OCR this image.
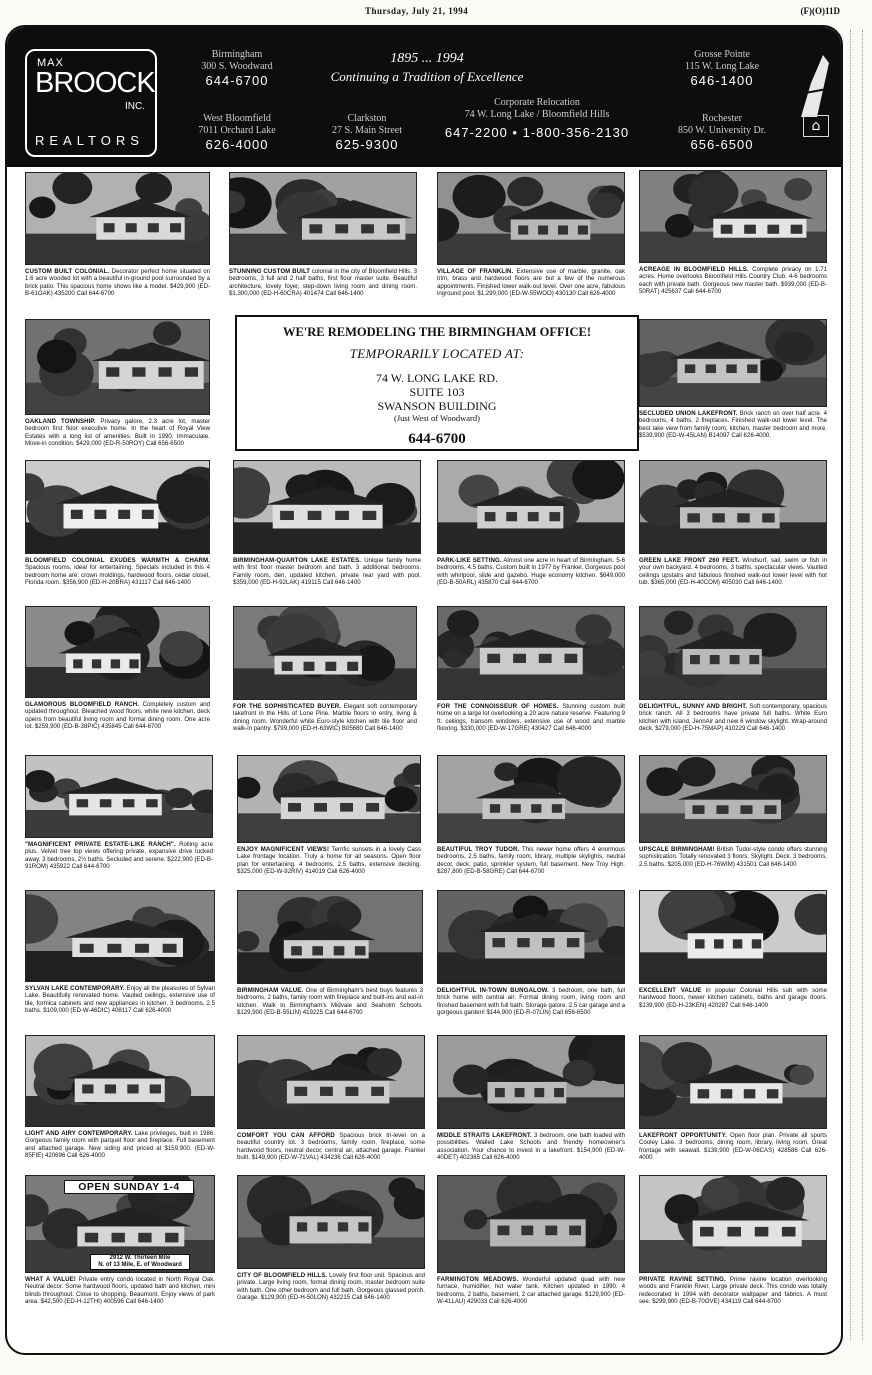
Thursday, July 21, 1994	(F)(O)11D
MAX
BROOCK
INC.
REALTORS
Birmingham
300 S. Woodward
644-6700
West Bloomfield
7011 Orchard Lake
626-4000
Clarkston
27 S. Main Street
625-9300
Corporate Relocation
74 W. Long Lake / Bloomfield Hills
647-2200 • 1-800-356-2130
Grosse Pointe
115 W. Long Lake
646-1400
Rochester
850 W. University Dr.
656-6500
1895 ... 1994
Continuing a Tradition of Excellence
⌂
WE'RE REMODELING THE BIRMINGHAM OFFICE!
TEMPORARILY LOCATED AT:
74 W. LONG LAKE RD.
SUITE 103
SWANSON BUILDING
(Just West of Woodward)
644-6700
CUSTOM BUILT COLONIAL. Decorator perfect home situated on 1.6 acre wooded lot with a beautiful in-ground pool surrounded by a brick patio. This spacious home shows like a model. $429,900 (ED-B-61OAK) 435200 Call 644-6700
STUNNING CUSTOM BUILT colonial in the city of Bloomfield Hills. 3 bedrooms, 3 full and 2 half baths, first floor master suite. Beautiful architecture, lovely foyer, step-down living room and dining room. $1,300,000 (ED-H-60CRA) 401474 Call 646-1400
VILLAGE OF FRANKLIN. Extensive use of marble, granite, oak trim, brass and hardwood floors are but a few of the numerous appointments. Finished lower walk-out level. Over one acre, fabulous inground pool. $1,290,000 (ED-W-55WOO) 430130 Call 626-4000
ACREAGE IN BLOOMFIELD HILLS. Complete privacy on 1.71 acres. Home overlooks Bloomfield Hills Country Club. 4-6 bedrooms each with private bath. Gorgeous new master bath. $939,000 (ED-B-50RAT) 425637 Call 644-6700
OAKLAND TOWNSHIP. Privacy galore, 2.3 acre lot, master bedroom first floor executive home. In the heart of Royal View Estates with a long list of amenities. Built in 1990. Immaculate. Move-in condition. $429,000 (ED-R-50ROY) Call 656-6500
SECLUDED UNION LAKEFRONT. Brick ranch on over half acre. 4 bedrooms, 4 baths, 2 fireplaces. Finished walk-out lower level. The best lake view from family room, kitchen, master bedroom and more. $539,900 (ED-W-45LAN) B14097 Call 626-4000.
BLOOMFIELD COLONIAL EXUDES WARMTH & CHARM. Spacious rooms, ideal for entertaining. Specials included in this 4 bedroom home are: crown moldings, hardwood floors, cedar closet, Florida room. $356,900 (ED-H-20BRA) 431117 Call 646-1400
BIRMINGHAM-QUARTON LAKE ESTATES. Unique family home with first floor master bedroom and bath. 3 additional bedrooms. Family room, den, updated kitchen, private rear yard with pool. $359,000 (ED-H-92LAK) 419115 Call 646-1400
PARK-LIKE SETTING. Almost one acre in heart of Birmingham. 5-6 bedrooms, 4.5 baths. Custom built in 1977 by Frankel. Gorgeous pool with whirlpool, slide and gazebo. Huge economy kitchen. $649,000 (ED-B-50ARL) 435870 Call 644-6700
GREEN LAKE FRONT 260 FEET. Windsurf, sail, swim or fish in your own backyard. 4 bedrooms, 3 baths, spectacular views. Vaulted ceilings upstairs and fabulous finished walk-out lower level with hot tub. $365,000 (ED-H-40COM) 405030 Call 646-1400.
GLAMOROUS BLOOMFIELD RANCH. Completely custom and updated throughout. Bleached wood floors, white new kitchen, deck opens from beautiful living room and formal dining room. One acre lot. $259,900 (ED-B-38PIC) 435845 Call 644-6700
FOR THE SOPHISTICATED BUYER. Elegant soft contemporary lakefront in the Hills of Lone Pine. Marble floors in entry, living & dining room. Wonderful white Euro-style kitchen with tile floor and walk-in pantry. $799,000 (ED-H-63WIC) B05680 Call 646-1400
FOR THE CONNOISSEUR OF HOMES. Stunning custom built home on a large lot overlooking a 20 acre nature reserve. Featuring 9 ft. ceilings, transom windows, extensive use of wood and marble flooring. $330,000 (ED-W-17GRE) 430427 Call 646-4000
DELIGHTFUL, SUNNY AND BRIGHT. Soft contemporary, spacious brick ranch. All 3 bedrooms have private full baths. White Euro kitchen with island, JennAir and new 6 window skylight. Wrap-around deck. $279,000 (ED-H-75MAP) 410229 Call 646-1400
"MAGNIFICENT PRIVATE ESTATE-LIKE RANCH". Rolling acre plus. Velvet tree top views offering private, expansive drive tucked away. 3 bedrooms, 2½ baths. Secluded and serene. $222,900 (ED-B-91ROM) 435922 Call 644-6700
ENJOY MAGNIFICENT VIEWS! Terrific sunsets in a lovely Cass Lake frontage location. Truly a home for all seasons. Open floor plan for entertaining. 4 bedrooms, 2.5 baths, extensive decking. $325,000 (ED-W-92RIV) 414019 Call 626-4000
BEAUTIFUL TROY TUDOR. This newer home offers 4 enormous bedrooms, 2.5 baths, family room, library, multiple skylights, neutral decor, deck, patio, sprinkler system, full basement. New Troy High. $287,800 (ED-B-58GRE) Call 644-6700
UPSCALE BIRMINGHAM! British Tudor-style condo offers stunning sophistication. Totally renovated 3 floors. Skylight. Deck. 3 bedrooms, 2.5 baths. $205,000 (ED-H-76WIM) 431501 Call 646-1400
SYLVAN LAKE CONTEMPORARY. Enjoy all the pleasures of Sylvan Lake. Beautifully renovated home. Vaulted ceilings, extensive use of tile, formica cabinets and new appliances in kitchen. 3 bedrooms, 2.5 baths. $109,000 (ED-W-46DIC) 408117 Call 626-4000
BIRMINGHAM VALUE. One of Birmingham's best buys features 3 bedrooms, 2 baths, family room with fireplace and built-ins and eat-in kitchen. Walk to Birmingham's Midvale and Seaholm Schools. $129,900 (ED-B-55LIN) 419225 Call 644-6700
DELIGHTFUL IN-TOWN BUNGALOW. 3 bedroom, one bath, full brick home with central air. Formal dining room, living room and finished basement with full bath. Storage galore. 2.5 car garage and a gorgeous garden! $144,900 (ED-R-07LIN) Call 656-6500
EXCELLENT VALUE in popular Colonial Hills sub with some hardwood floors, newer kitchen cabinets, baths and garage doors. $139,900 (ED-H-23KEN) 420287 Call 646-1400
LIGHT AND AIRY CONTEMPORARY. Lake privileges, built in 1986. Gorgeous family room with parquet floor and fireplace. Full basement and attached garage. New siding and priced at $159,900. (ED-W-85FIE) 420696 Call 626-4000
COMFORT YOU CAN AFFORD Spacious brick tri-level on a beautiful country lot. 3 bedrooms, family room, fireplace, some hardwood floors, neutral decor, central air, attached garage. Frankel built. $149,900 (ED-W-71VAL) 434236 Call 626-4000
MIDDLE STRAITS LAKEFRONT. 3 bedroom, one bath loaded with possibilities. Walled Lake Schools and friendly homeowner's association. Your chance to invest in a lakefront. $154,900 (ED-W-40DET) 402365 Call 626-4000
LAKEFRONT OPPORTUNITY. Open floor plan. Private all sports Cooley Lake. 3 bedrooms, dining room, library, living room. Great frontage with seawall. $139,900 (ED-W-06CAS) 428586 Call 626-4000
OPEN SUNDAY 1-4
2912 W. Thirteen Mile
N. of 13 Mile, E. of Woodward
WHAT A VALUE! Private entry condo located in North Royal Oak. Neutral decor. Some hardwood floors, updated bath and kitchen, mini blinds throughout. Close to shopping. Beaumont. Enjoy views of park area. $42,500 (ED-H-12THI) 400596 Call 646-1400
CITY OF BLOOMFIELD HILLS. Lovely first floor unit. Spacious and private. Large living room, formal dining room, master bedroom suite with bath. One other bedroom and full bath. Gorgeous glassed porch. Garage. $129,900 (ED-H-50LON) 432215 Call 646-1400
FARMINGTON MEADOWS. Wonderful updated quad with new furnace, humidifier, hot water tank. Kitchen updated in 1990. 4 bedrooms, 2 baths, basement, 2 car attached garage. $129,900 (ED-W-41LAU) 429033 Call 626-4000
PRIVATE RAVINE SETTING. Prime ravine location overlooking woods and Franklin River. Large private deck. This condo was totally redecorated in 1994 with decorator wallpaper and fabrics. A must see. $299,900 (ED-B-70OVE) 434119 Call 644-6700
